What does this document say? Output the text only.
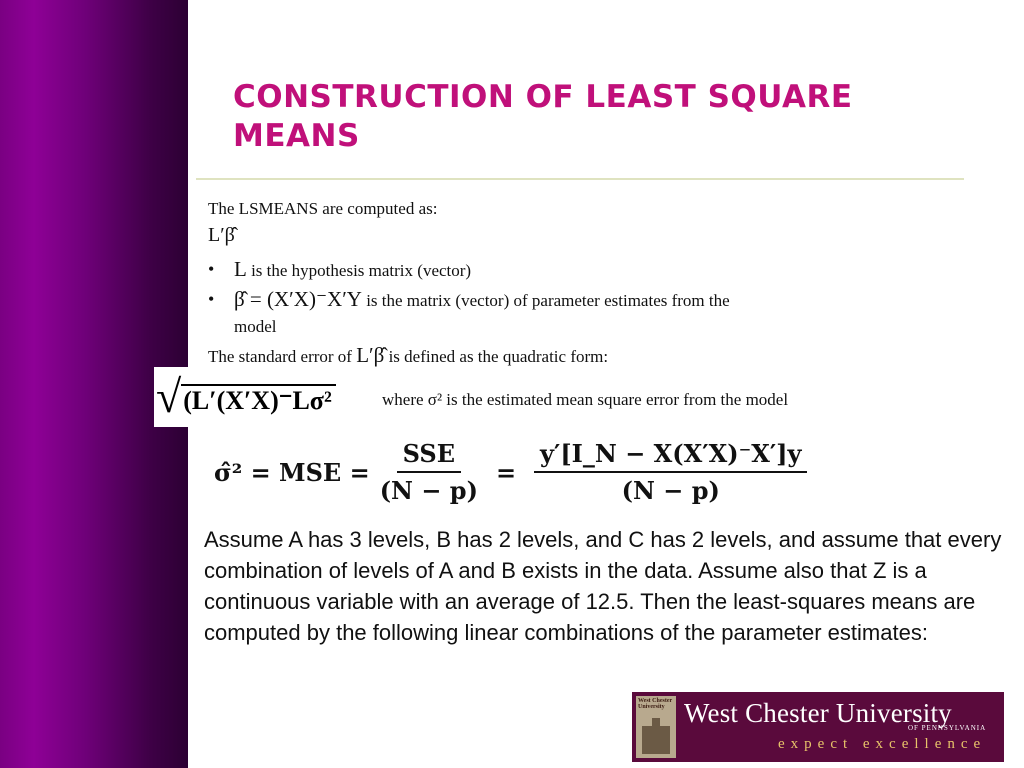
CONSTRUCTION OF LEAST SQUARE MEANS
The LSMEANS are computed as:
L′β̂
• L is the hypothesis matrix (vector)
• β̂ = (X′X)⁻X′Y is the matrix (vector) of parameter estimates from the
model
The standard error of L′β̂ is defined as the quadratic form:
√ (L′(X′X)⁻Lσ²	where σ² is the estimated mean square error from the model
σ̂² = MSE = $\frac{\text{SSE}}{(N - p)} = \frac{y'[I\_N - X(X'X)^-X']y}{(N - p)}$

Assume A has 3 levels, B has 2 levels, and C has 2 levels, and assume that every combination of levels of A and B exists in the data. Assume also that Z is a continuous variable with an average of 12.5. Then the least-squares means are computed by the following linear combinations of the parameter estimates:

West Chester University West Chester University
OF PENNSYLVANIA
expect excellence
